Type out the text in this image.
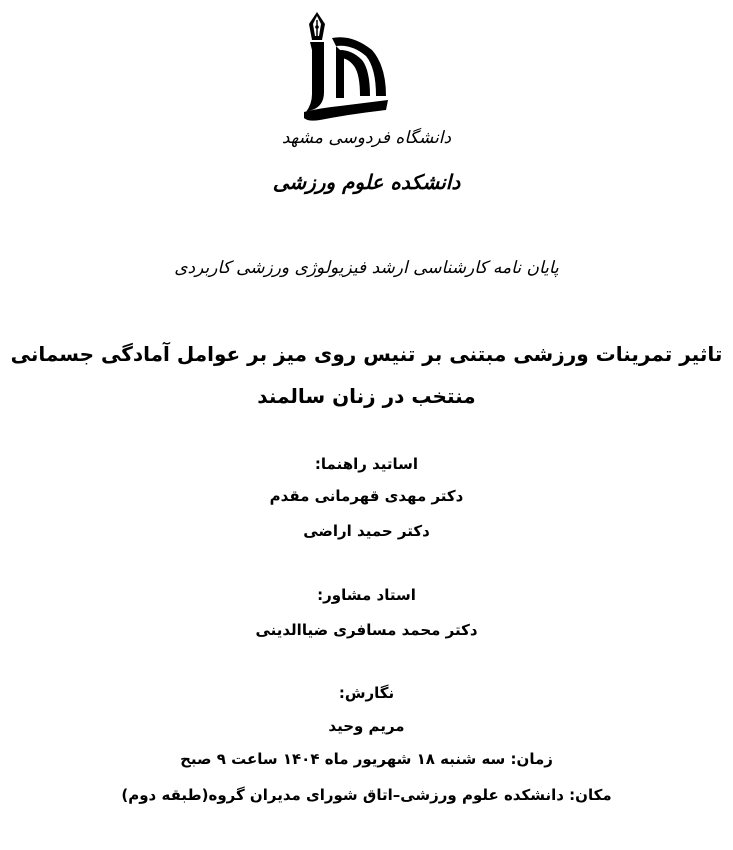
دانشگاه فردوسی مشهد
دانشکده علوم ورزشی
پایان نامه کارشناسی ارشد فیزیولوژی ورزشی کاربردی
تاثیر تمرینات ورزشی مبتنی بر تنیس روی میز بر عوامل آمادگی جسمانی
منتخب در زنان سالمند
اساتید راهنما:
دکتر مهدی قهرمانی مقدم
دکتر حمید اراضی
استاد مشاور:
دکتر محمد مسافری ضیاالدینی
نگارش:
مریم وحید
زمان: سه شنبه ۱۸ شهریور ماه ۱۴۰۴ ساعت ۹ صبح
مکان: دانشکده علوم ورزشی–اتاق شورای مدیران گروه(طبقه دوم)
